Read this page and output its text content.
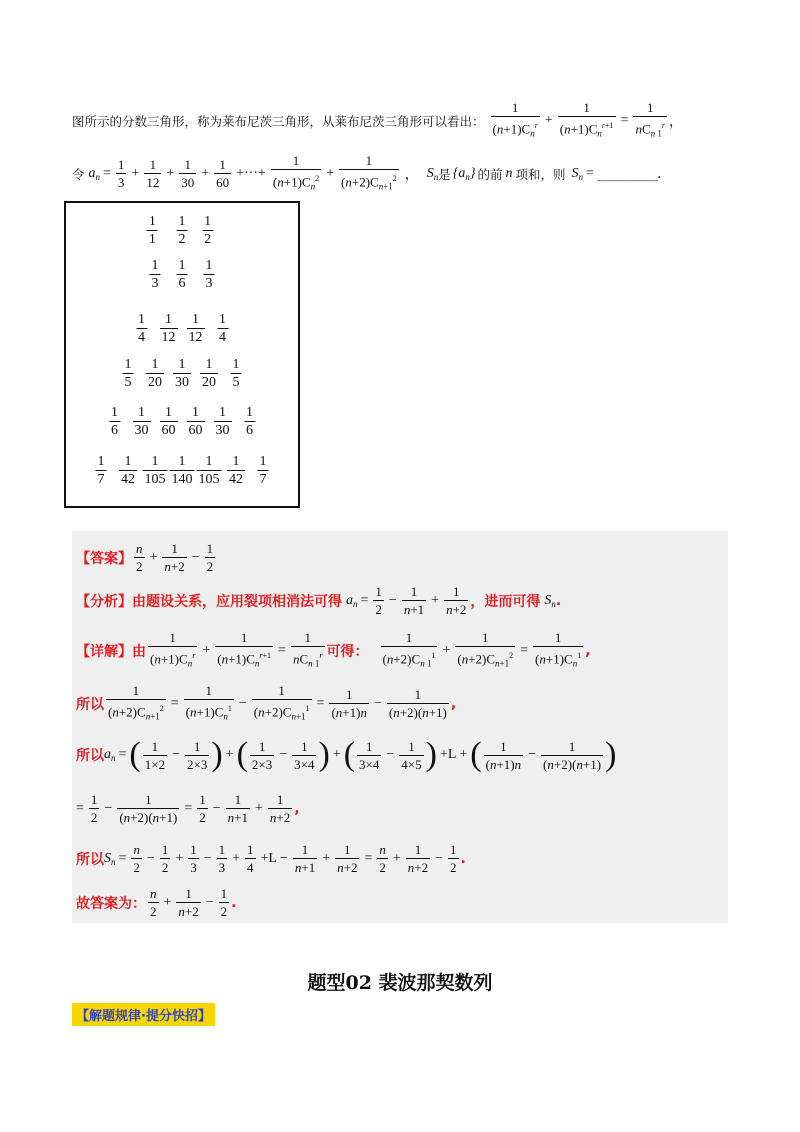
图所示的分数三角形，称为莱布尼茨三角形，从莱布尼茨三角形可以看出： $\frac{1}{(n+1)C_n^r} + \frac{1}{(n+1)C_n^{r+1}} = \frac{1}{nC_{n 1}^r}$ ，
令 $a_n = \frac{1}{3} + \frac{1}{12} + \frac{1}{30} + \frac{1}{60}$ +···+ $\frac{1}{(n+1)C_n^2} + \frac{1}{(n+2)C_{n+1}^2}$ ， $S_n$ 是 $\{a_n\}$ 的前 n 项和，则 $S_n$ = __________.
$\frac{1}{1} \frac{1}{2} \frac{1}{2}$
$\frac{1}{3} \frac{1}{6} \frac{1}{3}$
$\frac{1}{4} \frac{1}{12} \frac{1}{12} \frac{1}{4}$
$\frac{1}{5} \frac{1}{20} \frac{1}{30} \frac{1}{20} \frac{1}{5}$
$\frac{1}{6} \frac{1}{30} \frac{1}{60} \frac{1}{60} \frac{1}{30} \frac{1}{6}$
$\frac{1}{7} \frac{1}{42} \frac{1}{105} \frac{1}{140} \frac{1}{105} \frac{1}{42} \frac{1}{7}$
【答案】 $\frac{n}{2} + \frac{1}{n+2} - \frac{1}{2}$
【分析】 由题设关系，应用裂项相消法可得 $a_n = \frac{1}{2} - \frac{1}{n+1} + \frac{1}{n+2}$ ，进而可得 $S_n$ .
【详解】 由 $\frac{1}{(n+1)C_n^r} + \frac{1}{(n+1)C_n^{r+1}} = \frac{1}{nC_{n 1}^r}$ 可得： $\frac{1}{(n+2)C_{n 1}^1} + \frac{1}{(n+2)C_{n+1}^2} = \frac{1}{(n+1)C_n^1}$ ,
所以 $\frac{1}{(n+2)C_{n+1}^2} = \frac{1}{(n+1)C_n^1} - \frac{1}{(n+2)C_{n+1}^1} = \frac{1}{(n+1)n} - \frac{1}{(n+2)(n+1)}$ ,
所以 $a_n$ = ( $\frac{1}{1\times 2} - \frac{1}{2\times 3}$ ) + ( $\frac{1}{2\times 3} - \frac{1}{3\times 4}$ ) + ( $\frac{1}{3\times 4} - \frac{1}{4\times 5}$ ) +L + ( $\frac{1}{(n+1)n} - \frac{1}{(n+2)(n+1)}$ )
= $\frac{1}{2} - \frac{1}{(n+2)(n+1)} = \frac{1}{2} - \frac{1}{n+1} + \frac{1}{n+2}$ ,
所以 $S_n = \frac{n}{2} - \frac{1}{2} + \frac{1}{3} - \frac{1}{3} + \frac{1}{4} +L - \frac{1}{n+1} + \frac{1}{n+2} = \frac{n}{2} + \frac{1}{n+2} - \frac{1}{2}$ .
故答案为： $\frac{n}{2} + \frac{1}{n+2} - \frac{1}{2}$ .
题型02 裴波那契数列
【解题规律·提分快招】
